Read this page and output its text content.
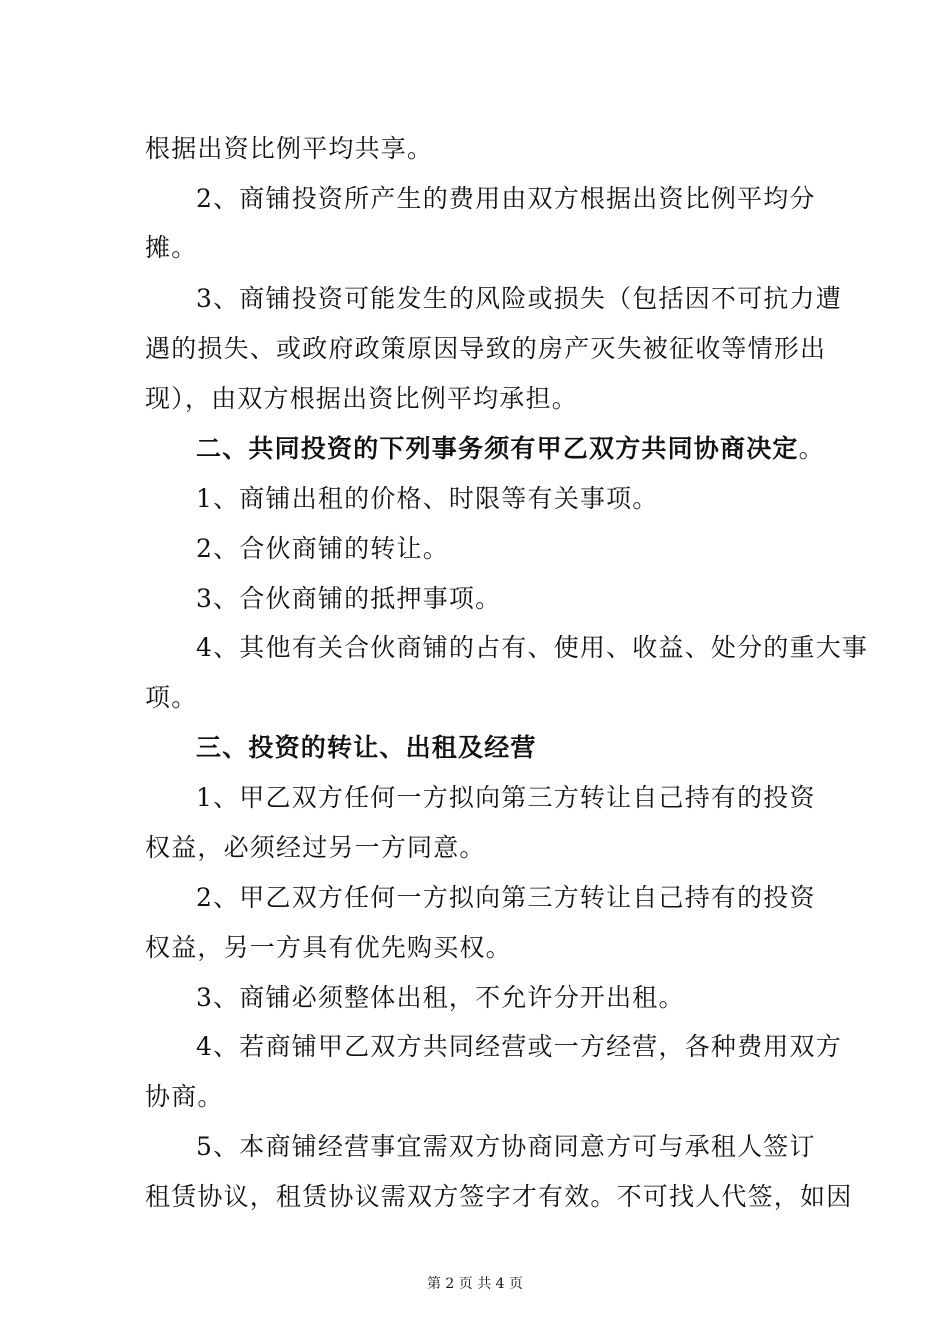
根据出资比例平均共享。
2、商铺投资所产生的费用由双方根据出资比例平均分
摊。
3、商铺投资可能发生的风险或损失（包括因不可抗力遭
遇的损失、或政府政策原因导致的房产灭失被征收等情形出
现），由双方根据出资比例平均承担。
二、共同投资的下列事务须有甲乙双方共同协商决定。
1、商铺出租的价格、时限等有关事项。
2、合伙商铺的转让。
3、合伙商铺的抵押事项。
4、其他有关合伙商铺的占有、使用、收益、处分的重大事
项。
三、投资的转让、出租及经营
1、甲乙双方任何一方拟向第三方转让自己持有的投资
权益，必须经过另一方同意。
2、甲乙双方任何一方拟向第三方转让自己持有的投资
权益，另一方具有优先购买权。
3、商铺必须整体出租，不允许分开出租。
4、若商铺甲乙双方共同经营或一方经营，各种费用双方
协商。
5、本商铺经营事宜需双方协商同意方可与承租人签订
租赁协议，租赁协议需双方签字才有效。不可找人代签，如因
第 2 页 共 4 页
